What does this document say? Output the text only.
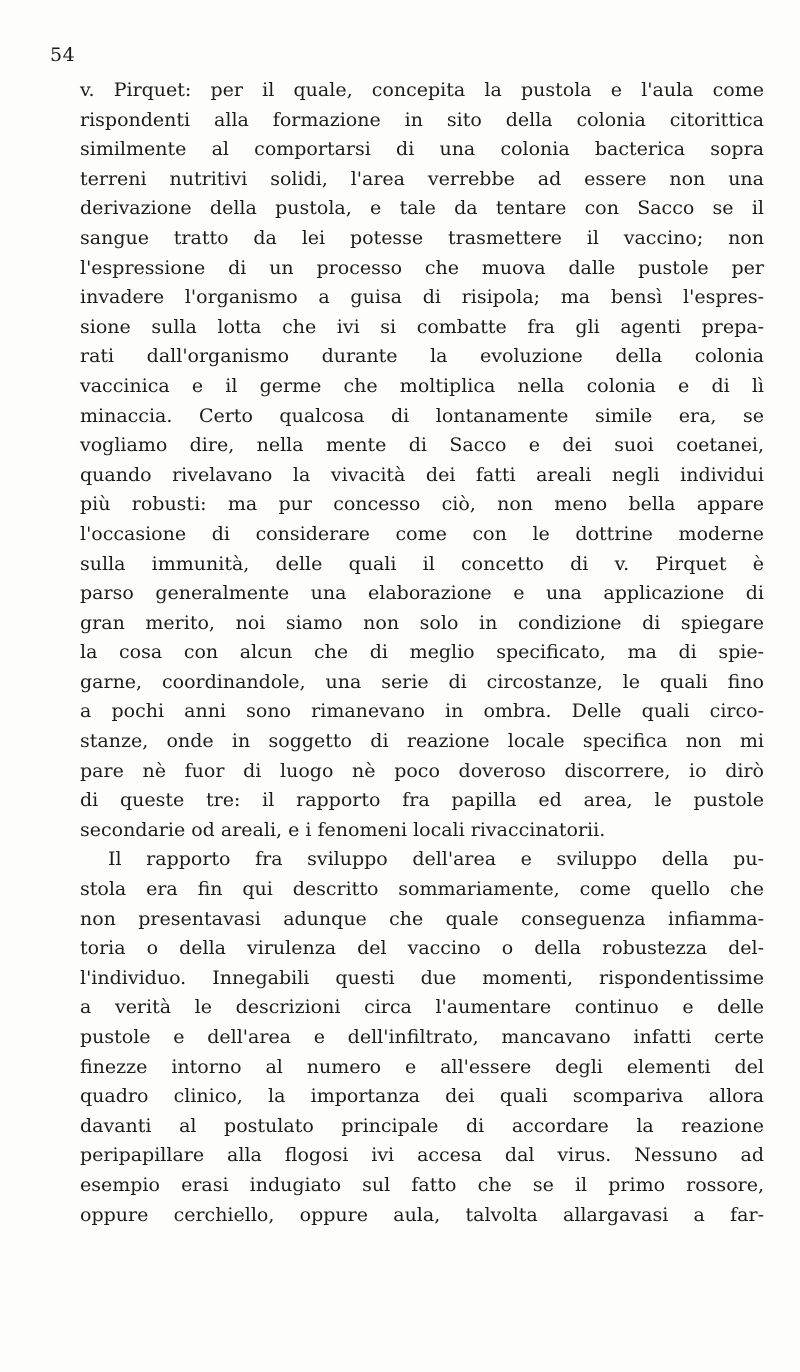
54
v. Pirquet: per il quale, concepita la pustola e l'aula come
rispondenti alla formazione in sito della colonia citorittica
similmente al comportarsi di una colonia bacterica sopra
terreni nutritivi solidi, l'area verrebbe ad essere non una
derivazione della pustola, e tale da tentare con Sacco se il
sangue tratto da lei potesse trasmettere il vaccino; non
l'espressione di un processo che muova dalle pustole per
invadere l'organismo a guisa di risipola; ma bensì l'espres-
sione sulla lotta che ivi si combatte fra gli agenti prepa-
rati dall'organismo durante la evoluzione della colonia
vaccinica e il germe che moltiplica nella colonia e di lì
minaccia. Certo qualcosa di lontanamente simile era, se
vogliamo dire, nella mente di Sacco e dei suoi coetanei,
quando rivelavano la vivacità dei fatti areali negli individui
più robusti: ma pur concesso ciò, non meno bella appare
l'occasione di considerare come con le dottrine moderne
sulla immunità, delle quali il concetto di v. Pirquet è
parso generalmente una elaborazione e una applicazione di
gran merito, noi siamo non solo in condizione di spiegare
la cosa con alcun che di meglio specificato, ma di spie-
garne, coordinandole, una serie di circostanze, le quali fino
a pochi anni sono rimanevano in ombra. Delle quali circo-
stanze, onde in soggetto di reazione locale specifica non mi
pare nè fuor di luogo nè poco doveroso discorrere, io dirò
di queste tre: il rapporto fra papilla ed area, le pustole
secondarie od areali, e i fenomeni locali rivaccinatorii.
Il rapporto fra sviluppo dell'area e sviluppo della pu-
stola era fin qui descritto sommariamente, come quello che
non presentavasi adunque che quale conseguenza infiamma-
toria o della virulenza del vaccino o della robustezza del-
l'individuo. Innegabili questi due momenti, rispondentissime
a verità le descrizioni circa l'aumentare continuo e delle
pustole e dell'area e dell'infiltrato, mancavano infatti certe
finezze intorno al numero e all'essere degli elementi del
quadro clinico, la importanza dei quali scompariva allora
davanti al postulato principale di accordare la reazione
peripapillare alla flogosi ivi accesa dal virus. Nessuno ad
esempio erasi indugiato sul fatto che se il primo rossore,
oppure cerchiello, oppure aula, talvolta allargavasi a far-
